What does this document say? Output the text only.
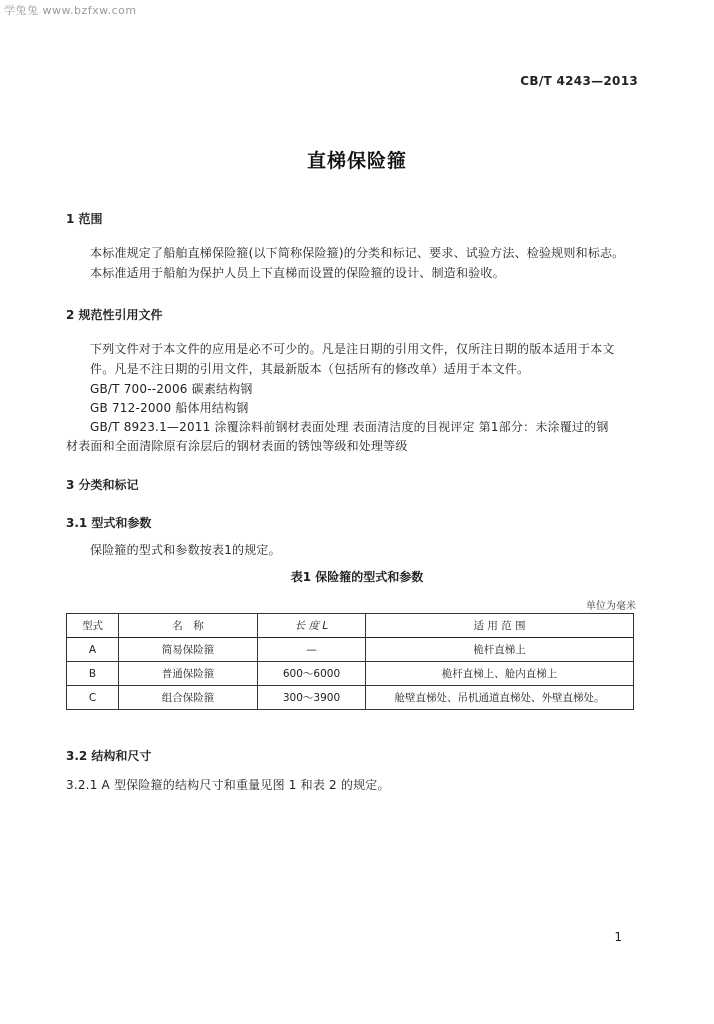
学兔兔 www.bzfxw.com
CB/T 4243—2013
直梯保险箍
1 范围
本标准规定了船舶直梯保险箍(以下简称保险箍)的分类和标记、要求、试验方法、检验规则和标志。
本标准适用于船舶为保护人员上下直梯而设置的保险箍的设计、制造和验收。
2 规范性引用文件
下列文件对于本文件的应用是必不可少的。凡是注日期的引用文件，仅所注日期的版本适用于本文
件。凡是不注日期的引用文件，其最新版本（包括所有的修改单）适用于本文件。
GB/T 700--2006 碳素结构钢
GB 712-2000 船体用结构钢
GB/T 8923.1—2011 涂覆涂料前钢材表面处理 表面清洁度的目视评定 第1部分：未涂覆过的钢
材表面和全面清除原有涂层后的钢材表面的锈蚀等级和处理等级
3 分类和标记
3.1 型式和参数
保险箍的型式和参数按表1的规定。
表1 保险箍的型式和参数
单位为毫米
型式	名　称	长 度 L	适 用 范 围
A	简易保险箍	—	桅杆直梯上
B	普通保险箍	600～6000	桅杆直梯上、舱内直梯上
C	组合保险箍	300～3900	舱壁直梯处、吊机通道直梯处、外壁直梯处。
3.2 结构和尺寸
3.2.1 A 型保险箍的结构尺寸和重量见图 1 和表 2 的规定。
1
